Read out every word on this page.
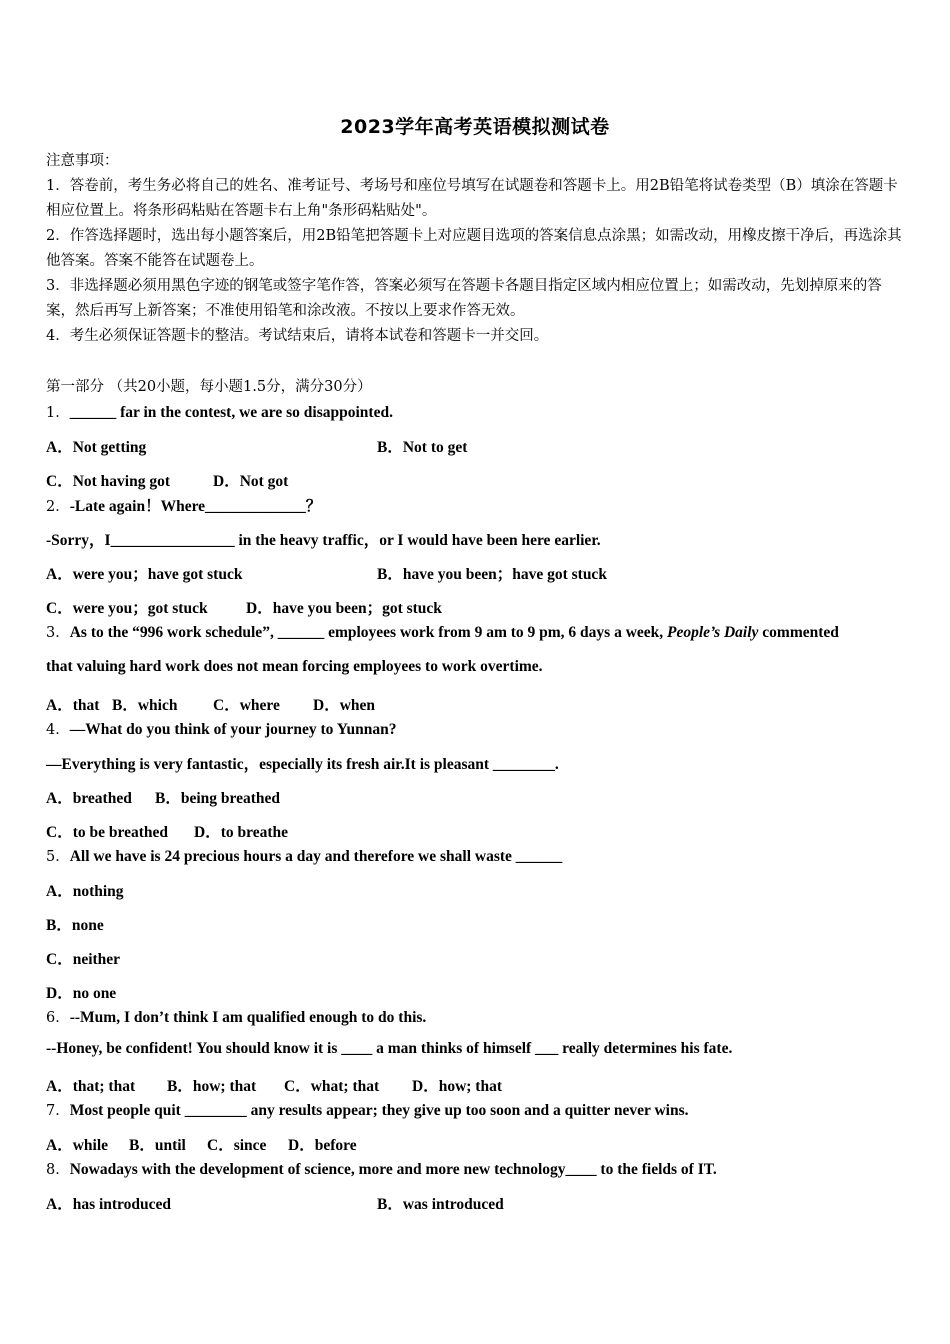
2023学年高考英语模拟测试卷
注意事项：
1．答卷前，考生务必将自己的姓名、准考证号、考场号和座位号填写在试题卷和答题卡上。用2B铅笔将试卷类型（B）填涂在答题卡相应位置上。将条形码粘贴在答题卡右上角"条形码粘贴处"。
2．作答选择题时，选出每小题答案后，用2B铅笔把答题卡上对应题目选项的答案信息点涂黑；如需改动，用橡皮擦干净后，再选涂其他答案。答案不能答在试题卷上。
3．非选择题必须用黑色字迹的钢笔或签字笔作答，答案必须写在答题卡各题目指定区域内相应位置上；如需改动，先划掉原来的答案，然后再写上新答案；不准使用铅笔和涂改液。不按以上要求作答无效。
4．考生必须保证答题卡的整洁。考试结束后，请将本试卷和答题卡一并交回。
第一部分 （共20小题，每小题1.5分，满分30分）
1．______ far in the contest, we are so disappointed.
A．Not getting	B．Not to get
C．Not having got	D．Not got
2．-Late again！Where_____________？
-Sorry，I________________ in the heavy traffic，or I would have been here earlier.
A．were you；have got stuck	B．have you been；have got stuck
C．were you；got stuck D．have you been；got stuck
3．As to the “996 work schedule”, ______ employees work from 9 am to 9 pm, 6 days a week, People’s Daily commented
that valuing hard work does not mean forcing employees to work overtime.
A．that B．which C．where D．when
4．—What do you think of your journey to Yunnan?
—Everything is very fantastic，especially its fresh air.It is pleasant ________.
A．breathed B．being breathed
C．to be breathed D．to breathe
5．All we have is 24 precious hours a day and therefore we shall waste ______
A．nothing
B．none
C．neither
D．no one
6．--Mum, I don’t think I am qualified enough to do this.
--Honey, be confident! You should know it is ____ a man thinks of himself ___ really determines his fate.
A．that; that B．how; that C．what; that D．how; that
7．Most people quit ________ any results appear; they give up too soon and a quitter never wins.
A．while B．until C．since D．before
8．Nowadays with the development of science, more and more new technology____ to the fields of IT.
A．has introduced	B．was introduced
